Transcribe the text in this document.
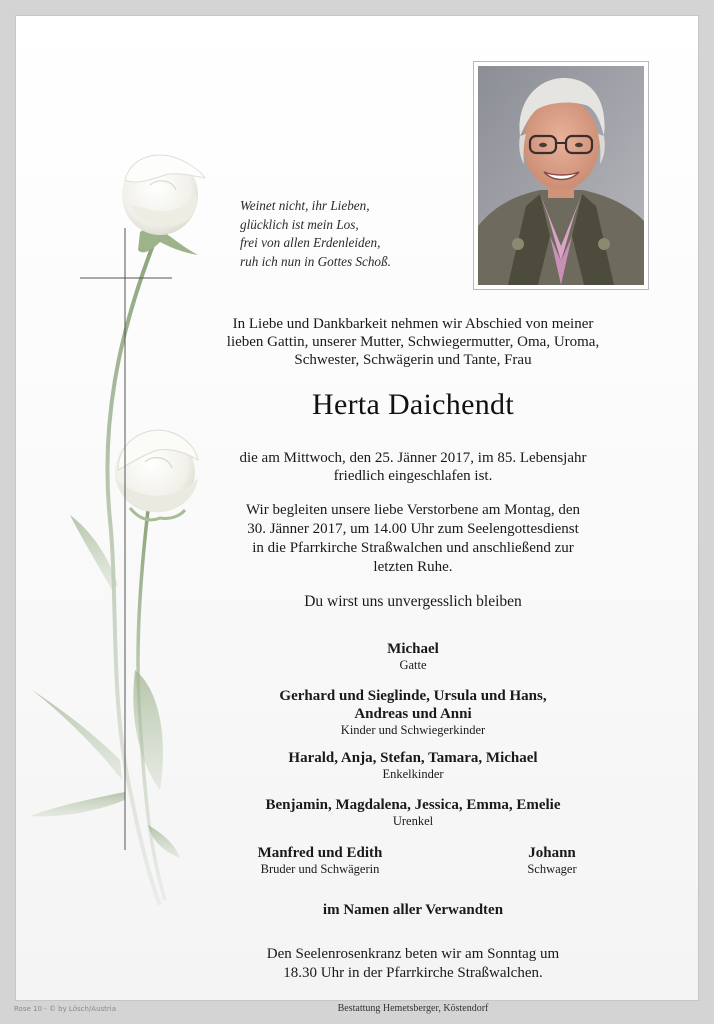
Weinet nicht, ihr Lieben,
glücklich ist mein Los,
frei von allen Erdenleiden,
ruh ich nun in Gottes Schoß.
In Liebe und Dankbarkeit nehmen wir Abschied von meiner
lieben Gattin, unserer Mutter, Schwiegermutter, Oma, Uroma,
Schwester, Schwägerin und Tante, Frau
Herta Daichendt
die am Mittwoch, den 25. Jänner 2017, im 85. Lebensjahr
friedlich eingeschlafen ist.
Wir begleiten unsere liebe Verstorbene am Montag, den
30. Jänner 2017, um 14.00 Uhr zum Seelengottesdienst
in die Pfarrkirche Straßwalchen und anschließend zur
letzten Ruhe.
Du wirst uns unvergesslich bleiben
Michael
Gatte
Gerhard und Sieglinde, Ursula und Hans,
Andreas und Anni
Kinder und Schwiegerkinder
Harald, Anja, Stefan, Tamara, Michael
Enkelkinder
Benjamin, Magdalena, Jessica, Emma, Emelie
Urenkel
Manfred und Edith
Bruder und Schwägerin
Johann
Schwager
im Namen aller Verwandten
Den Seelenrosenkranz beten wir am Sonntag um
18.30 Uhr in der Pfarrkirche Straßwalchen.
Rose 10 - © by Lösch/Austria	Bestattung Hemetsberger, Köstendorf
